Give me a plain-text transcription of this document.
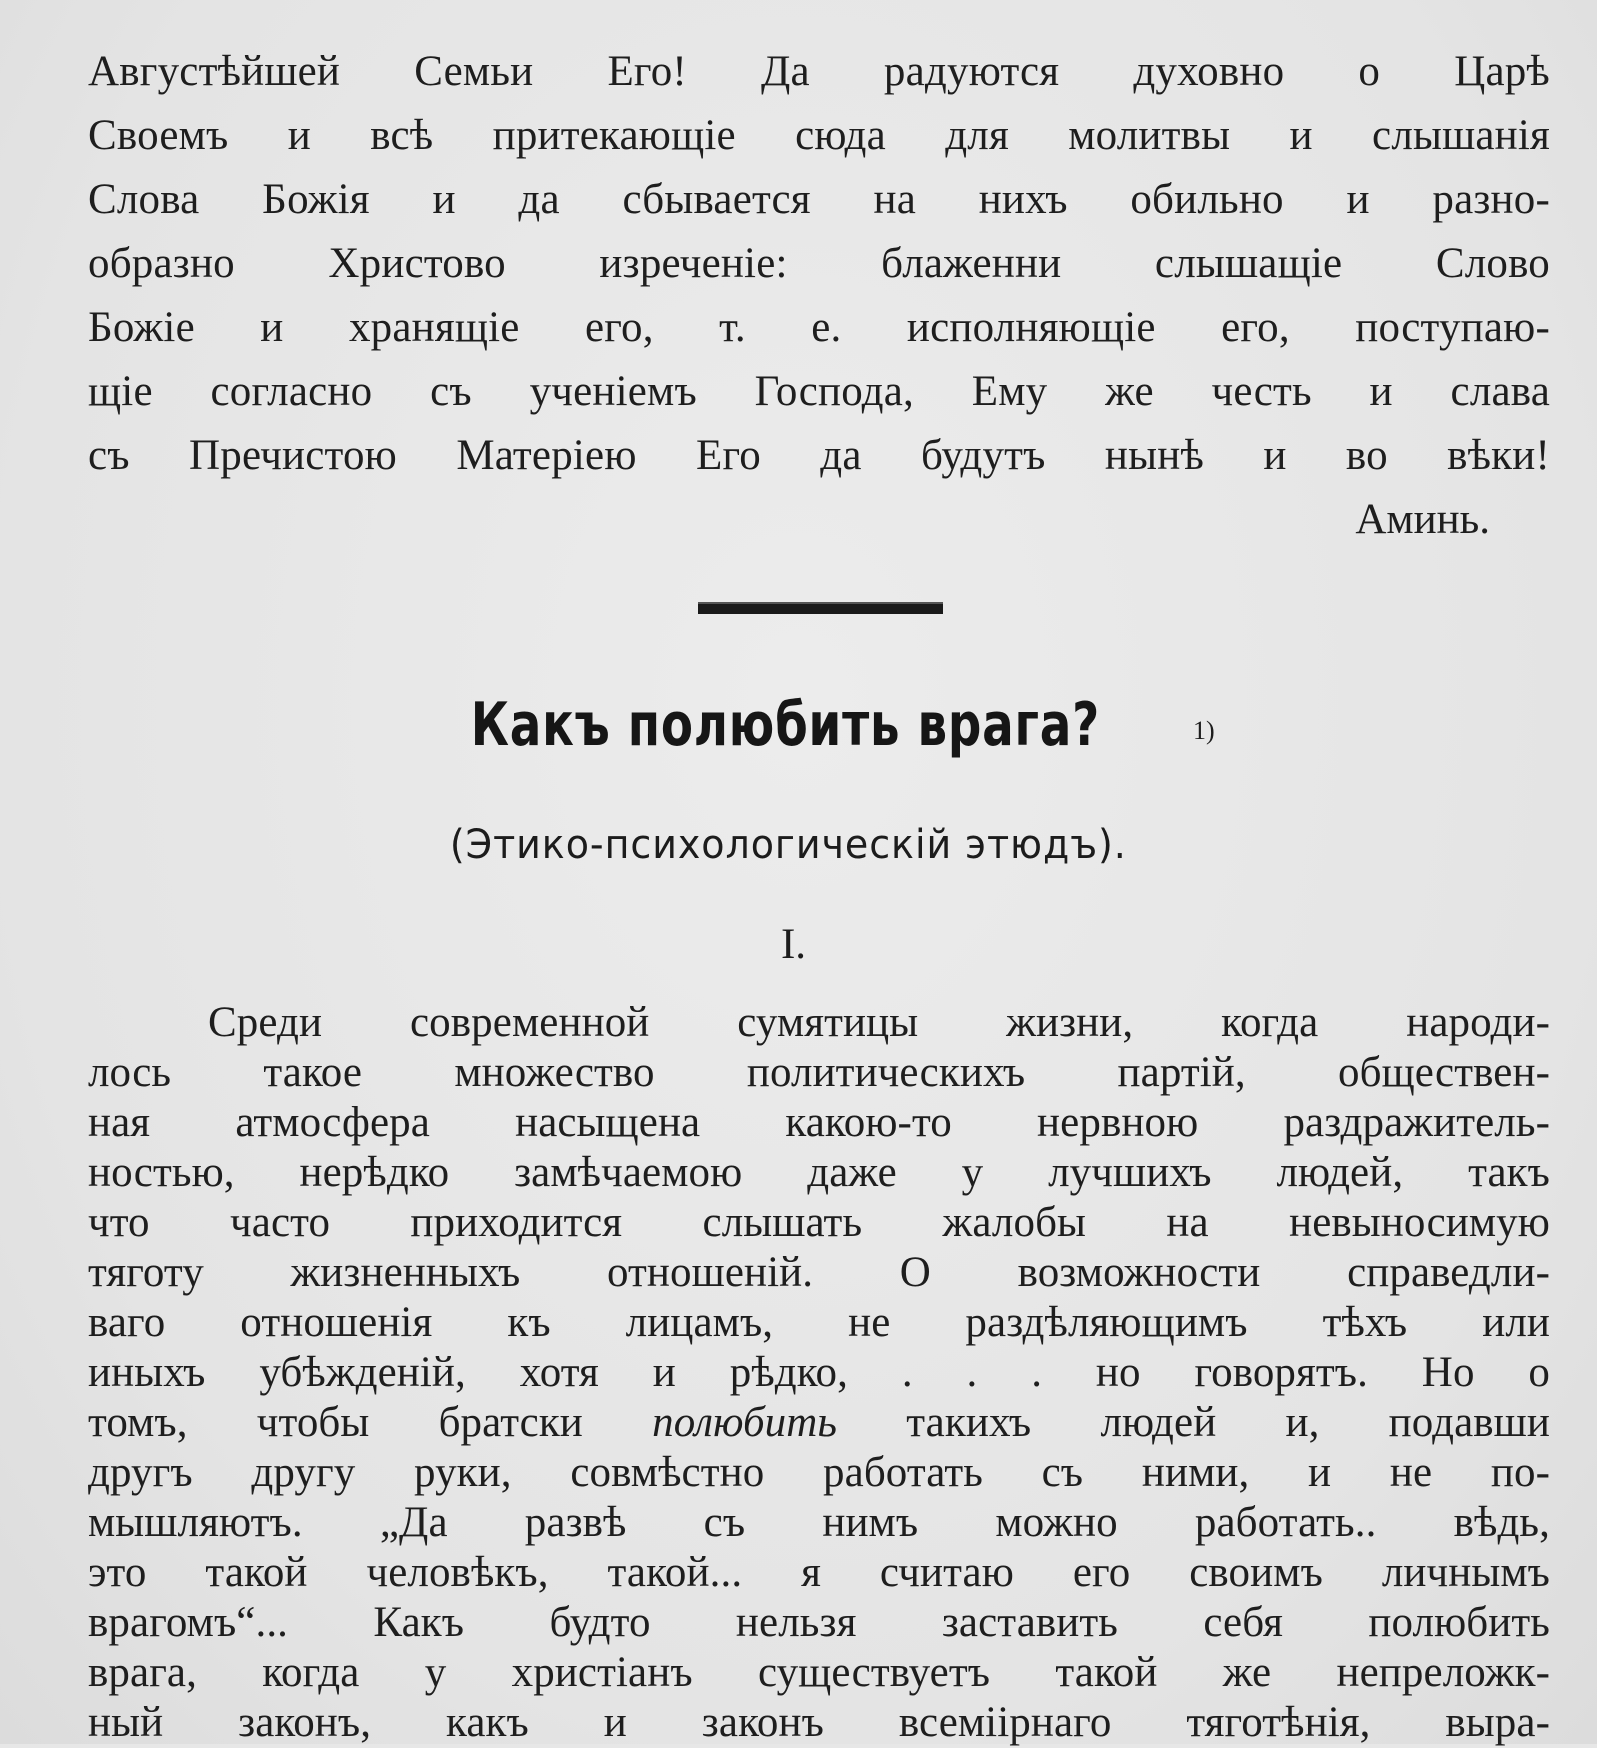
Августѣйшей Семьи Его! Да радуются духовно о Царѣ
Своемъ и всѣ притекающіе сюда для молитвы и слышанія
Слова Божія и да сбывается на нихъ обильно и разно-
образно Христово изреченіе: блаженни слышащіе Слово
Божіе и хранящіе его, т. е. исполняющіе его, поступаю-
щіе согласно съ ученіемъ Господа, Ему же честь и слава
съ Пречистою Матеріею Его да будутъ нынѣ и во вѣки!
Аминь.
Какъ полюбить врага?	1)
(Этико-психологическій этюдъ).
I.
Среди современной сумятицы жизни, когда народи-
лось такое множество политическихъ партій, обществен-
ная атмосфера насыщена какою-то нервною раздражитель-
ностью, нерѣдко замѣчаемою даже у лучшихъ людей, такъ
что часто приходится слышать жалобы на невыносимую
тяготу жизненныхъ отношеній. О возможности справедли-
ваго отношенія къ лицамъ, не раздѣляющимъ тѣхъ или
иныхъ убѣжденій, хотя и рѣдко, . . . но говорятъ. Но о
томъ, чтобы братски полюбить такихъ людей и, подавши
другъ другу руки, совмѣстно работать съ ними, и не по-
мышляютъ. „Да развѣ съ нимъ можно работать.. вѣдь,
это такой человѣкъ, такой... я считаю его своимъ личнымъ
врагомъ“... Какъ будто нельзя заставить себя полюбить
врага, когда у христіанъ существуетъ такой же непреложк-
ный законъ, какъ и законъ всеміірнаго тяготѣнія, выра-
